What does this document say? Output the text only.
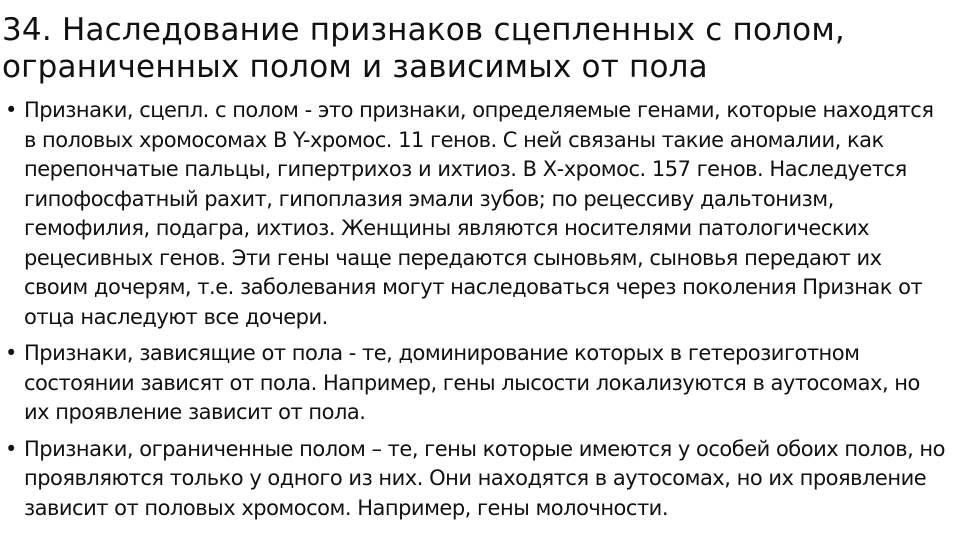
34. Наследование признаков сцепленных с полом, ограниченных полом и зависимых от пола
• Признаки, сцепл. с полом - это признаки, определяемые генами, которые находятся в половых хромосомах В Y-хромос. 11 генов. С ней связаны такие аномалии, как перепончатые пальцы, гипертрихоз и ихтиоз. В Х-хромос. 157 генов. Наследуется гипофосфатный рахит, гипоплазия эмали зубов; по рецессиву дальтонизм, гемофилия, подагра, ихтиоз. Женщины являются носителями патологических рецесивных генов. Эти гены чаще передаются сыновьям, сыновья передают их своим дочерям, т.е. заболевания могут наследоваться через поколения Признак от отца наследуют все дочери.
• Признаки, зависящие от пола - те, доминирование которых в гетерозиготном состоянии зависят от пола. Например, гены лысости локализуются в аутосомах, но их проявление зависит от пола.
• Признаки, ограниченные полом – те, гены которые имеются у особей обоих полов, но проявляются только у одного из них. Они находятся в аутосомах, но их проявление зависит от половых хромосом. Например, гены молочности.
